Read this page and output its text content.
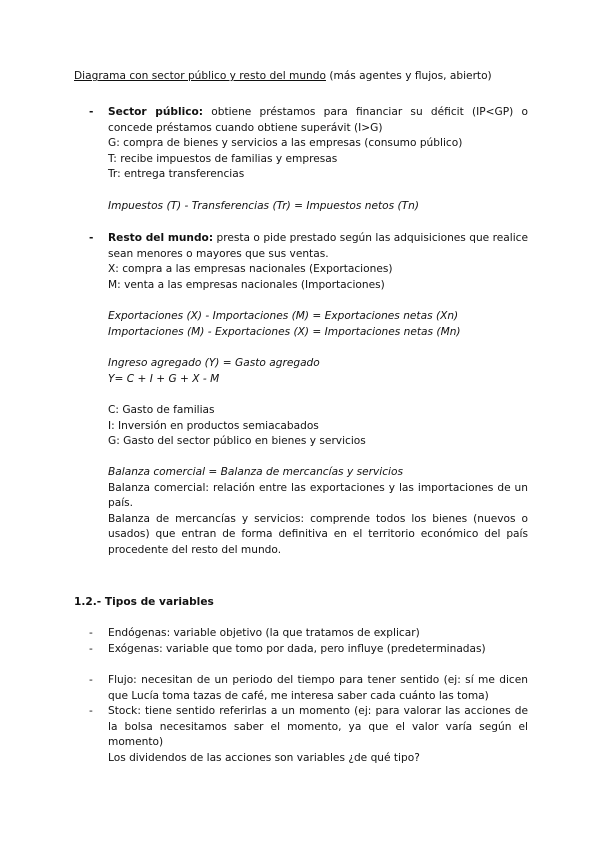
Diagrama con sector público y resto del mundo (más agentes y flujos, abierto)

- Sector público: obtiene préstamos para financiar su déficit (IP<GP) o concede préstamos cuando obtiene superávit (I>G)

G: compra de bienes y servicios a las empresas (consumo público)

T: recibe impuestos de familias y empresas

Tr: entrega transferencias

Impuestos (T) - Transferencias (Tr) = Impuestos netos (Tn)

- Resto del mundo: presta o pide prestado según las adquisiciones que realice sean menores o mayores que sus ventas.

X: compra a las empresas nacionales (Exportaciones)

M: venta a las empresas nacionales (Importaciones)

Exportaciones (X) - Importaciones (M) = Exportaciones netas (Xn)

Importaciones (M) - Exportaciones (X) = Importaciones netas (Mn)

Ingreso agregado (Y) = Gasto agregado

Y= C + I + G + X - M

C: Gasto de familias

I: Inversión en productos semiacabados

G: Gasto del sector público en bienes y servicios

Balanza comercial = Balanza de mercancías y servicios

Balanza comercial: relación entre las exportaciones y las importaciones de un país.

Balanza de mercancías y servicios: comprende todos los bienes (nuevos o usados) que entran de forma definitiva en el territorio económico del país procedente del resto del mundo.

1.2.- Tipos de variables

- Endógenas: variable objetivo (la que tratamos de explicar)

- Exógenas: variable que tomo por dada, pero influye (predeterminadas)

- Flujo: necesitan de un periodo del tiempo para tener sentido (ej: sí me dicen que Lucía toma tazas de café, me interesa saber cada cuánto las toma)

- Stock: tiene sentido referirlas a un momento (ej: para valorar las acciones de la bolsa necesitamos saber el momento, ya que el valor varía según el momento)

Los dividendos de las acciones son variables ¿de qué tipo?
